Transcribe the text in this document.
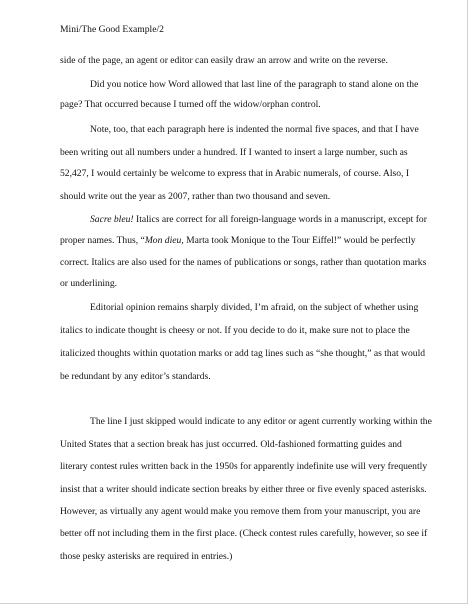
Mini/The Good Example/2
side of the page, an agent or editor can easily draw an arrow and write on the reverse.
Did you notice how Word allowed that last line of the paragraph to stand alone on the
page? That occurred because I turned off the widow/orphan control.
Note, too, that each paragraph here is indented the normal five spaces, and that I have
been writing out all numbers under a hundred. If I wanted to insert a large number, such as
52,427, I would certainly be welcome to express that in Arabic numerals, of course. Also, I
should write out the year as 2007, rather than two thousand and seven.
Sacre bleu! Italics are correct for all foreign-language words in a manuscript, except for
proper names. Thus, “Mon dieu, Marta took Monique to the Tour Eiffel!” would be perfectly
correct. Italics are also used for the names of publications or songs, rather than quotation marks
or underlining.
Editorial opinion remains sharply divided, I’m afraid, on the subject of whether using
italics to indicate thought is cheesy or not. If you decide to do it, make sure not to place the
italicized thoughts within quotation marks or add tag lines such as “she thought,” as that would
be redundant by any editor’s standards.
The line I just skipped would indicate to any editor or agent currently working within the
United States that a section break has just occurred. Old-fashioned formatting guides and
literary contest rules written back in the 1950s for apparently indefinite use will very frequently
insist that a writer should indicate section breaks by either three or five evenly spaced asterisks.
However, as virtually any agent would make you remove them from your manuscript, you are
better off not including them in the first place. (Check contest rules carefully, however, so see if
those pesky asterisks are required in entries.)
